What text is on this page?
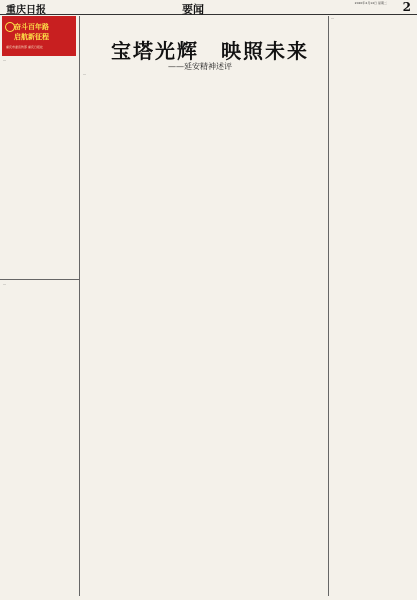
重庆日报	要闻	2020年4月14日 星期二 2
奋斗百年路
启航新征程
重庆市委宣传部 重庆日报社	宝塔光辉　映照未来
——延安精神述评
…
…
…
…
